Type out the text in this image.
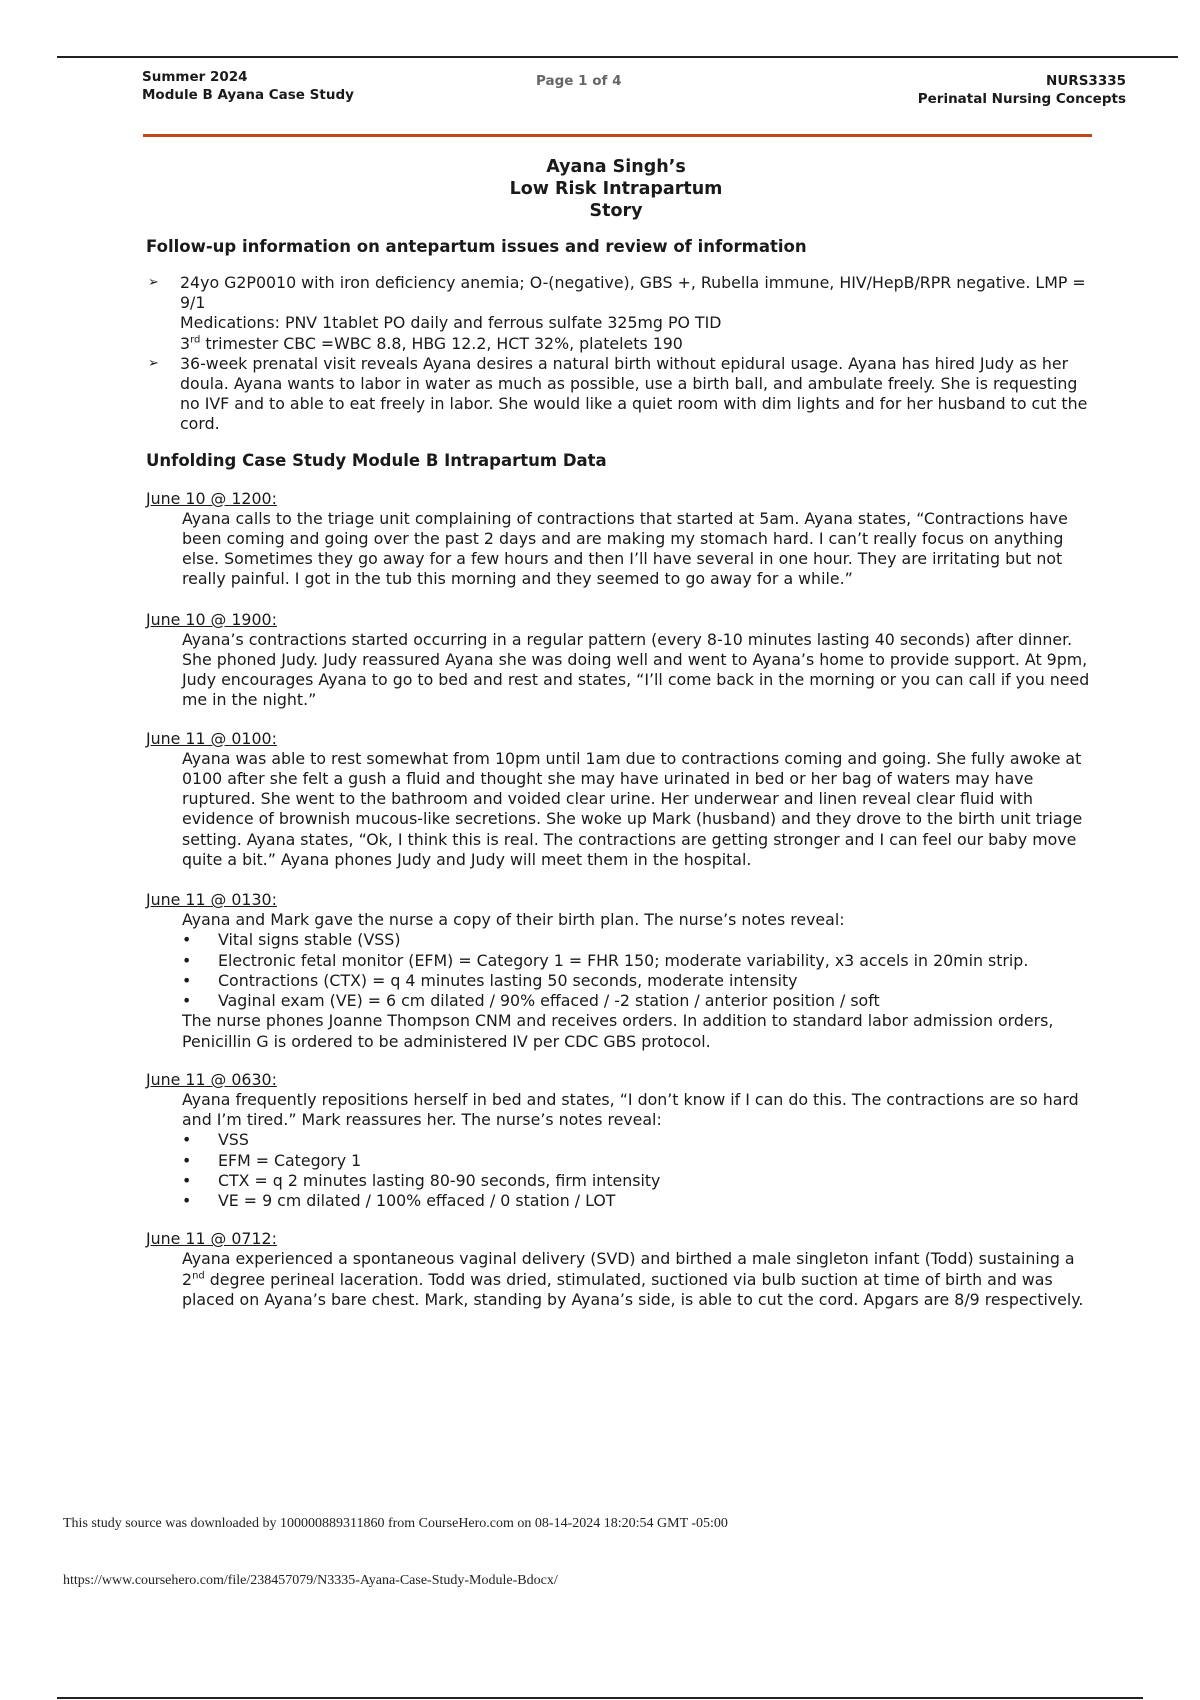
Summer 2024
Module B Ayana Case Study
Page 1 of 4	NURS3335
Perinatal Nursing Concepts
Ayana Singh’s
Low Risk Intrapartum
Story
Follow-up information on antepartum issues and review of information
➢ 24yo G2P0010 with iron deficiency anemia; O-(negative), GBS +, Rubella immune, HIV/HepB/RPR negative. LMP = 9/1
Medications: PNV 1tablet PO daily and ferrous sulfate 325mg PO TID
3rd trimester CBC =WBC 8.8, HBG 12.2, HCT 32%, platelets 190
➢ 36-week prenatal visit reveals Ayana desires a natural birth without epidural usage. Ayana has hired Judy as her doula. Ayana wants to labor in water as much as possible, use a birth ball, and ambulate freely. She is requesting no IVF and to able to eat freely in labor. She would like a quiet room with dim lights and for her husband to cut the cord.
Unfolding Case Study Module B Intrapartum Data
June 10 @ 1200:
Ayana calls to the triage unit complaining of contractions that started at 5am. Ayana states, “Contractions have been coming and going over the past 2 days and are making my stomach hard. I can’t really focus on anything else. Sometimes they go away for a few hours and then I’ll have several in one hour. They are irritating but not really painful. I got in the tub this morning and they seemed to go away for a while.”
June 10 @ 1900:
Ayana’s contractions started occurring in a regular pattern (every 8-10 minutes lasting 40 seconds) after dinner. She phoned Judy. Judy reassured Ayana she was doing well and went to Ayana’s home to provide support. At 9pm, Judy encourages Ayana to go to bed and rest and states, “I’ll come back in the morning or you can call if you need me in the night.”
June 11 @ 0100:
Ayana was able to rest somewhat from 10pm until 1am due to contractions coming and going. She fully awoke at 0100 after she felt a gush a fluid and thought she may have urinated in bed or her bag of waters may have ruptured. She went to the bathroom and voided clear urine. Her underwear and linen reveal clear fluid with evidence of brownish mucous-like secretions. She woke up Mark (husband) and they drove to the birth unit triage setting. Ayana states, “Ok, I think this is real. The contractions are getting stronger and I can feel our baby move quite a bit.” Ayana phones Judy and Judy will meet them in the hospital.
June 11 @ 0130:
Ayana and Mark gave the nurse a copy of their birth plan. The nurse’s notes reveal:
• Vital signs stable (VSS)
• Electronic fetal monitor (EFM) = Category 1 = FHR 150; moderate variability, x3 accels in 20min strip.
• Contractions (CTX) = q 4 minutes lasting 50 seconds, moderate intensity
• Vaginal exam (VE) = 6 cm dilated / 90% effaced / -2 station / anterior position / soft
The nurse phones Joanne Thompson CNM and receives orders. In addition to standard labor admission orders, Penicillin G is ordered to be administered IV per CDC GBS protocol.
June 11 @ 0630:
Ayana frequently repositions herself in bed and states, “I don’t know if I can do this. The contractions are so hard and I’m tired.” Mark reassures her. The nurse’s notes reveal:
• VSS
• EFM = Category 1
• CTX = q 2 minutes lasting 80-90 seconds, firm intensity
• VE = 9 cm dilated / 100% effaced / 0 station / LOT
June 11 @ 0712:
Ayana experienced a spontaneous vaginal delivery (SVD) and birthed a male singleton infant (Todd) sustaining a 2nd degree perineal laceration. Todd was dried, stimulated, suctioned via bulb suction at time of birth and was placed on Ayana’s bare chest. Mark, standing by Ayana’s side, is able to cut the cord. Apgars are 8/9 respectively.
This study source was downloaded by 100000889311860 from CourseHero.com on 08-14-2024 18:20:54 GMT -05:00
https://www.coursehero.com/file/238457079/N3335-Ayana-Case-Study-Module-Bdocx/
